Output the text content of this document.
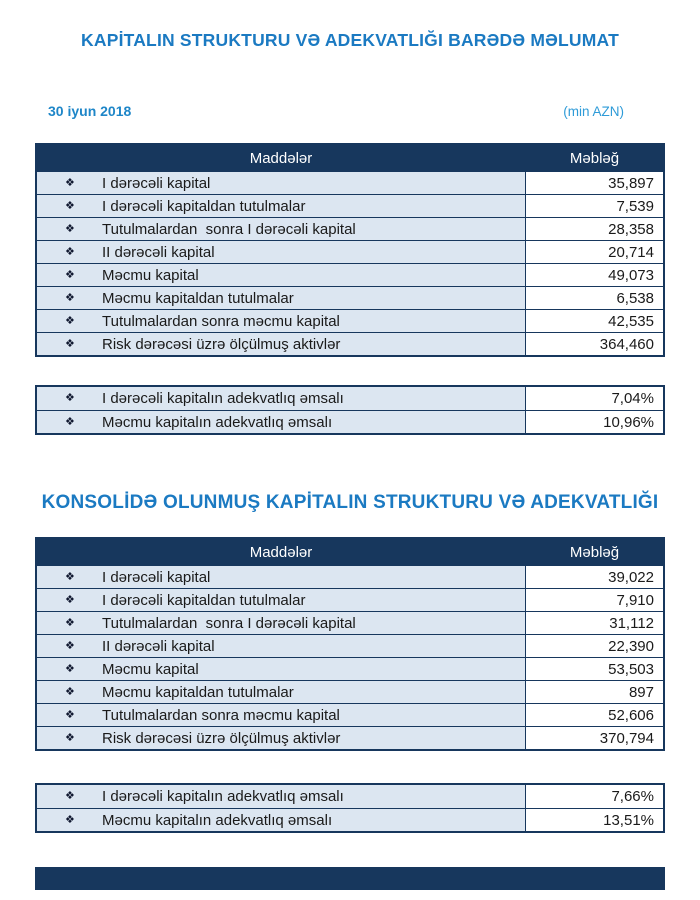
KAPİTALIN STRUKTURU VƏ ADEKVATLIĞI BARƏDƏ MƏLUMAT
30 iyun 2018	(min AZN)
Maddələr	Məbləğ
❖ I dərəcəli kapital	35,897
❖ I dərəcəli kapitaldan tutulmalar	7,539
❖ Tutulmalardan  sonra I dərəcəli kapital	28,358
❖ II dərəcəli kapital	20,714
❖ Məcmu kapital	49,073
❖ Məcmu kapitaldan tutulmalar	6,538
❖ Tutulmalardan sonra məcmu kapital	42,535
❖ Risk dərəcəsi üzrə ölçülmuş aktivlər	364,460
❖ I dərəcəli kapitalın adekvatlıq əmsalı	7,04%
❖ Məcmu kapitalın adekvatlıq əmsalı	10,96%
KONSOLİDƏ OLUNMUŞ KAPİTALIN STRUKTURU VƏ ADEKVATLIĞI
Maddələr	Məbləğ
❖ I dərəcəli kapital	39,022
❖ I dərəcəli kapitaldan tutulmalar	7,910
❖ Tutulmalardan  sonra I dərəcəli kapital	31,112
❖ II dərəcəli kapital	22,390
❖ Məcmu kapital	53,503
❖ Məcmu kapitaldan tutulmalar	897
❖ Tutulmalardan sonra məcmu kapital	52,606
❖ Risk dərəcəsi üzrə ölçülmuş aktivlər	370,794
❖ I dərəcəli kapitalın adekvatlıq əmsalı	7,66%
❖ Məcmu kapitalın adekvatlıq əmsalı	13,51%
